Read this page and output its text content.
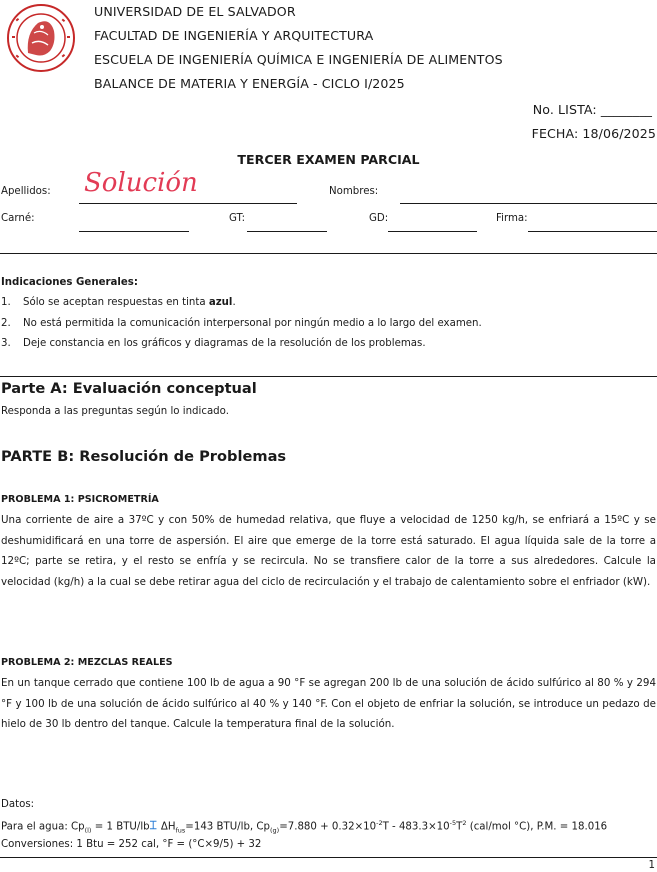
UNIVERSIDAD DE EL SALVADOR
FACULTAD DE INGENIERÍA Y ARQUITECTURA
ESCUELA DE INGENIERÍA QUÍMICA E INGENIERÍA DE ALIMENTOS
BALANCE DE MATERIA Y ENERGÍA - CICLO I/2025
No. LISTA: ________
FECHA: 18/06/2025
TERCER EXAMEN PARCIAL
Apellidos: Solución	Nombres:
Carné:	GT:	GD:	Firma:
Indicaciones Generales:
1. Sólo se aceptan respuestas en tinta azul.
2. No está permitida la comunicación interpersonal por ningún medio a lo largo del examen.
3. Deje constancia en los gráficos y diagramas de la resolución de los problemas.
Parte A: Evaluación conceptual
Responda a las preguntas según lo indicado.
PARTE B: Resolución de Problemas
PROBLEMA 1: PSICROMETRÍA
Una corriente de aire a 37ºC y con 50% de humedad relativa, que fluye a velocidad de 1250 kg/h, se enfriará a 15ºC y se deshumidificará en una torre de aspersión. El aire que emerge de la torre está saturado. El agua líquida sale de la torre a 12ºC; parte se retira, y el resto se enfría y se recircula. No se transfiere calor de la torre a sus alrededores. Calcule la velocidad (kg/h) a la cual se debe retirar agua del ciclo de recirculación y el trabajo de calentamiento sobre el enfriador (kW).
PROBLEMA 2: MEZCLAS REALES
En un tanque cerrado que contiene 100 lb de agua a 90 °F se agregan 200 lb de una solución de ácido sulfúrico al 80 % y 294 °F y 100 lb de una solución de ácido sulfúrico al 40 % y 140 °F. Con el objeto de enfriar la solución, se introduce un pedazo de hielo de 30 lb dentro del tanque. Calcule la temperatura final de la solución.
Datos:
Para el agua: $Cp_{(l)} = 1$ BTU/lb⌶ $\Delta H_{fus}=143$ BTU/lb, $Cp_{(g)}=7.880 + 0.32\times 10^{-2}T - 483.3\times 10^{-5}T^2$ (cal/mol °C), P.M. = 18.016
Conversiones: 1 Btu = 252 cal, °F = (°C×9/5) + 32
1
